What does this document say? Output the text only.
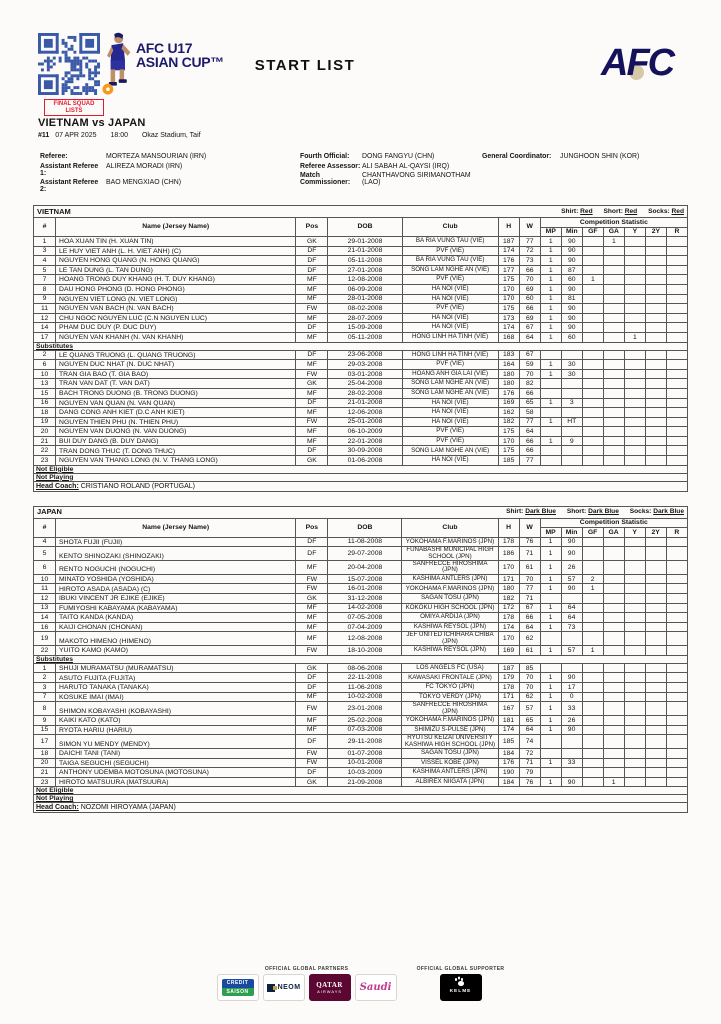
AFC U17
ASIAN CUP™	START LIST	AFC
FINAL SQUAD
LISTS
VIETNAM vs JAPAN
#11 07 APR 2025 18:00 Okaz Stadium, Taif
Referee:	MORTEZA MANSOURIAN (IRN)
Assistant Referee 1:
ALIREZA MORADI (IRN)
Assistant Referee 2:
BAO MENGXIAO (CHN)
Fourth Official:	DONG FANGYU (CHN)
Referee Assessor: ALI SABAH AL-QAYSI (IRQ)
Match Commissioner:
CHANTHAVONG SIRIMANOTHAM (LAO)
General Coordinator:	JUNGHOON SHIN (KOR)
VIETNAM Shirt: Red Short: Red Socks: Red													

#	Name (Jersey Name)	Pos	DOB	Club	H	W	Competition Statistic						
							MP	Min	GF	GA	Y	2Y	R
1	HOA XUAN TIN (H. XUAN TIN)	GK	29-01-2008	BA RIA VUNG TAU (VIE)	187	77	1	90		1			
3	LE HUY VIET ANH (L. H. VIET ANH) (C)	DF	21-01-2008	PVF (VIE)	174	72	1	90					
4	NGUYEN HONG QUANG (N. HONG QUANG)	DF	05-11-2008	BA RIA VUNG TAU (VIE)	176	73	1	90					
5	LE TAN DUNG (L. TAN DUNG)	DF	27-01-2008	SONG LAM NGHE AN (VIE)	177	66	1	87					
7	HOANG TRONG DUY KHANG (H. T. DUY KHANG)	MF	12-08-2008	PVF (VIE)	175	70	1	60	1				
8	DAU HONG PHONG (D. HONG PHONG)	MF	06-09-2008	HA NOI (VIE)	170	69	1	90					
9	NGUYEN VIET LONG (N. VIET LONG)	MF	28-01-2008	HA NOI (VIE)	170	60	1	81					
11	NGUYEN VAN BACH (N. VAN BACH)	FW	08-02-2008	PVF (VIE)	175	66	1	90					
12	CHU NGOC NGUYEN LUC (C.N NGUYEN LUC)	MF	28-07-2009	HA NOI (VIE)	173	69	1	90					
14	PHAM DUC DUY (P. DUC DUY)	DF	15-09-2008	HA NOI (VIE)	174	67	1	90					
17	NGUYEN VAN KHANH (N. VAN KHANH)	MF	05-11-2008	HONG LINH HA TINH (VIE)	168	64	1	60			1		
Substitutes													
2	LE QUANG TRUONG (L. QUANG TRUONG)	DF	23-06-2008	HONG LINH HA TINH (VIE)	183	67							
6	NGUYEN DUC NHAT (N. DUC NHAT)	MF	29-03-2008	PVF (VIE)	164	59	1	30					
10	TRAN GIA BAO (T. GIA BAO)	FW	03-01-2008	HOANG ANH GIA LAI (VIE)	180	70	1	30					
13	TRAN VAN DAT (T. VAN DAT)	GK	25-04-2008	SONG LAM NGHE AN (VIE)	180	82							
15	BACH TRONG DUONG (B. TRONG DUONG)	MF	28-02-2008	SONG LAM NGHE AN (VIE)	176	66							
16	NGUYEN VAN QUAN (N. VAN QUAN)	DF	21-01-2008	HA NOI (VIE)	169	65	1	3					
18	DANG CONG ANH KIET (D.C ANH KIET)	MF	12-06-2008	HA NOI (VIE)	162	58							
19	NGUYEN THIEN PHU (N. THIEN PHU)	FW	25-01-2008	HA NOI (VIE)	182	77	1	HT					
20	NGUYEN VAN DUONG (N. VAN DUONG)	MF	06-10-2009	PVF (VIE)	175	64							
21	BUI DUY DANG (B. DUY DANG)	MF	22-01-2008	PVF (VIE)	170	66	1	9					
22	TRAN DONG THUC (T. DONG THUC)	DF	30-09-2008	SONG LAM NGHE AN (VIE)	175	66							
23	NGUYEN VAN THANG LONG (N. V. THANG LONG)	GK	01-06-2008	HA NOI (VIE)	185	77							
Not Eligible													
Not Playing													
Head Coach: CRISTIANO ROLAND (PORTUGAL)													
JAPAN Shirt: Dark Blue Short: Dark Blue Socks: Dark Blue													

#	Name (Jersey Name)	Pos	DOB	Club	H	W	Competition Statistic						
							MP	Min	GF	GA	Y	2Y	R
4	SHOTA FUJII (FUJII)	DF	11-08-2008	YOKOHAMA F.MARINOS (JPN)	178	76	1	90					
5	KENTO SHINOZAKI (SHINOZAKI)	DF	29-07-2008	FUNABASHI MUNICIPAL HIGH SCHOOL (JPN)	186	71	1	90					
6	RENTO NOGUCHI (NOGUCHI)	MF	20-04-2008	SANFRECCE HIROSHIMA (JPN)	170	61	1	26					
10	MINATO YOSHIDA (YOSHIDA)	FW	15-07-2008	KASHIMA ANTLERS (JPN)	171	70	1	57	2				
11	HIROTO ASADA (ASADA) (C)	FW	16-01-2008	YOKOHAMA F.MARINOS (JPN)	180	77	1	90	1				
12	IBUKI VINCENT JR EJIKE (EJIKE)	GK	31-12-2008	SAGAN TOSU (JPN)	182	71							
13	FUMIYOSHI KABAYAMA (KABAYAMA)	MF	14-02-2008	KOKOKU HIGH SCHOOL (JPN)	172	67	1	64					
14	TAITO KANDA (KANDA)	MF	07-05-2008	OMIYA ARDIJA (JPN)	178	66	1	64					
16	KAIJI CHONAN (CHONAN)	MF	07-04-2009	KASHIWA REYSOL (JPN)	174	64	1	73					
19	MAKOTO HIMENO (HIMENO)	MF	12-08-2008	JEF UNITED ICHIHARA CHIBA (JPN)	170	62							
22	YUITO KAMO (KAMO)	FW	18-10-2008	KASHIWA REYSOL (JPN)	169	61	1	57	1				
Substitutes													
1	SHUJI MURAMATSU (MURAMATSU)	GK	08-06-2008	LOS ANGELS FC (USA)	187	85							
2	ASUTO FUJITA (FUJITA)	DF	22-11-2008	KAWASAKI FRONTALE (JPN)	179	70	1	90					
3	HARUTO TANAKA (TANAKA)	DF	11-06-2008	FC TOKYO (JPN)	178	70	1	17					
7	KOSUKE IMAI (IMAI)	MF	10-02-2008	TOKYO VERDY (JPN)	171	62	1	0					
8	SHIMON KOBAYASHI (KOBAYASHI)	FW	23-01-2008	SANFRECCE HIROSHIMA (JPN)	167	57	1	33					
9	KAIKI KATO (KATO)	MF	25-02-2008	YOKOHAMA F.MARINOS (JPN)	181	65	1	26					
15	RYOTA HARIU (HARIU)	MF	07-03-2008	SHIMIZU S-PULSE (JPN)	174	64	1	90					
17	SIMON YU MENDY (MENDY)	DF	29-11-2008	RYUTSU KEIZAI UNIVERSITY KASHIWA HIGH SCHOOL (JPN)	185	74							
18	DAICHI TANI (TANI)	FW	01-07-2008	SAGAN TOSU (JPN)	184	72							
20	TAIGA SEGUCHI (SEGUCHI)	FW	10-01-2008	VISSEL KOBE (JPN)	176	71	1	33					
21	ANTHONY UDEMBA MOTOSUNA (MOTOSUNA)	DF	10-03-2009	KASHIMA ANTLERS (JPN)	190	79							
23	HIROTO MATSUURA (MATSUURA)	GK	21-09-2008	ALBIREX NIIGATA (JPN)	184	76	1	90		1			
Not Eligible													
Not Playing													
Head Coach: NOZOMI HIROYAMA (JAPAN)													
OFFICIAL GLOBAL PARTNERS
CREDIT
SAISON
NEOM QATAR
AIRWAYS Saudi
OFFICIAL GLOBAL SUPPORTER
KELME
